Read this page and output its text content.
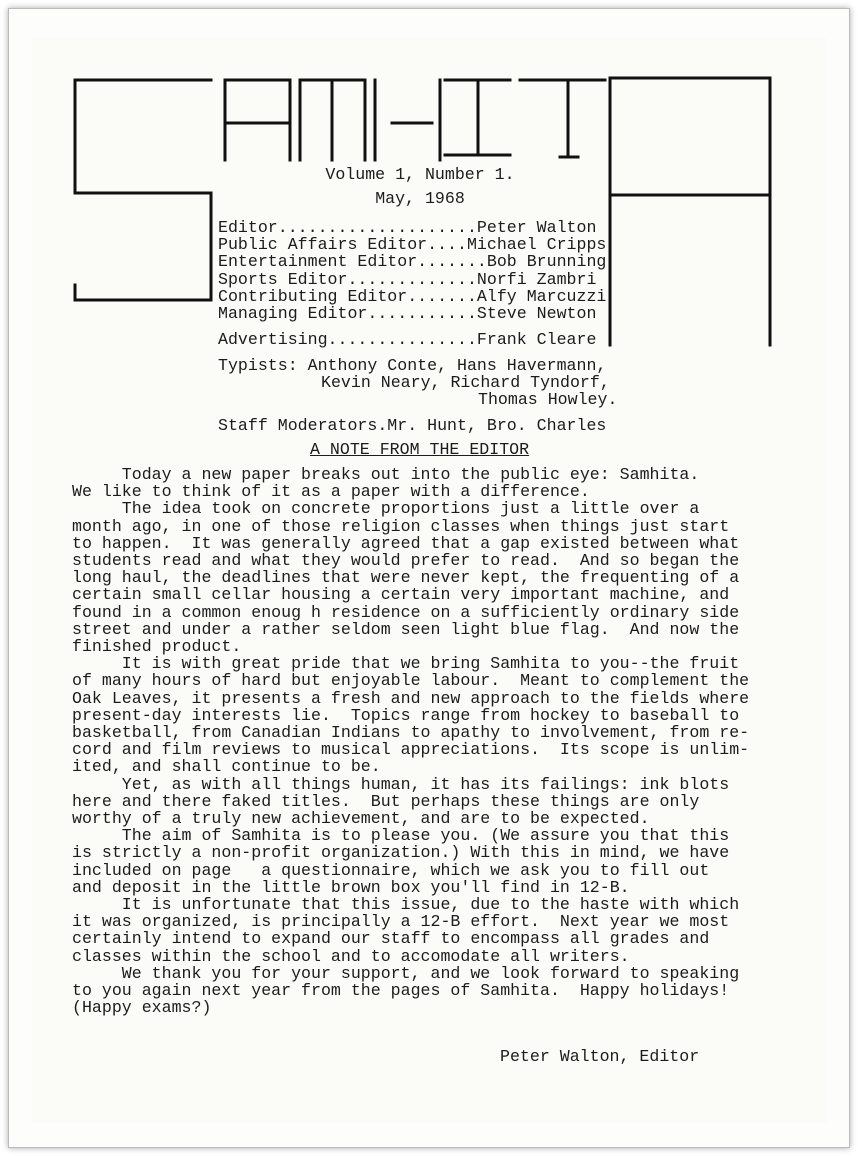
Volume 1, Number 1.
May, 1968
Editor....................Peter Walton
Public Affairs Editor....Michael Cripps
Entertainment Editor.......Bob Brunning
Sports Editor.............Norfi Zambri
Contributing Editor.......Alfy Marcuzzi
Managing Editor...........Steve Newton
Advertising...............Frank Cleare
Typists: Anthony Conte, Hans Havermann,
Kevin Neary, Richard Tyndorf,
Thomas Howley.
Staff Moderators.Mr. Hunt, Bro. Charles
A NOTE FROM THE EDITOR
Today a new paper breaks out into the public eye: Samhita.
We like to think of it as a paper with a difference.
The idea took on concrete proportions just a little over a
month ago, in one of those religion classes when things just start
to happen.  It was generally agreed that a gap existed between what
students read and what they would prefer to read.  And so began the
long haul, the deadlines that were never kept, the frequenting of a
certain small cellar housing a certain very important machine, and
found in a common enoug h residence on a sufficiently ordinary side
street and under a rather seldom seen light blue flag.  And now the
finished product.
It is with great pride that we bring Samhita to you--the fruit
of many hours of hard but enjoyable labour.  Meant to complement the
Oak Leaves, it presents a fresh and new approach to the fields where
present-day interests lie.  Topics range from hockey to baseball to
basketball, from Canadian Indians to apathy to involvement, from re-
cord and film reviews to musical appreciations.  Its scope is unlim-
ited, and shall continue to be.
Yet, as with all things human, it has its failings: ink blots
here and there faked titles.  But perhaps these things are only
worthy of a truly new achievement, and are to be expected.
The aim of Samhita is to please you. (We assure you that this
is strictly a non-profit organization.) With this in mind, we have
included on page   a questionnaire, which we ask you to fill out
and deposit in the little brown box you'll find in 12-B.
It is unfortunate that this issue, due to the haste with which
it was organized, is principally a 12-B effort.  Next year we most
certainly intend to expand our staff to encompass all grades and
classes within the school and to accomodate all writers.
We thank you for your support, and we look forward to speaking
to you again next year from the pages of Samhita.  Happy holidays!
(Happy exams?)
Peter Walton, Editor
